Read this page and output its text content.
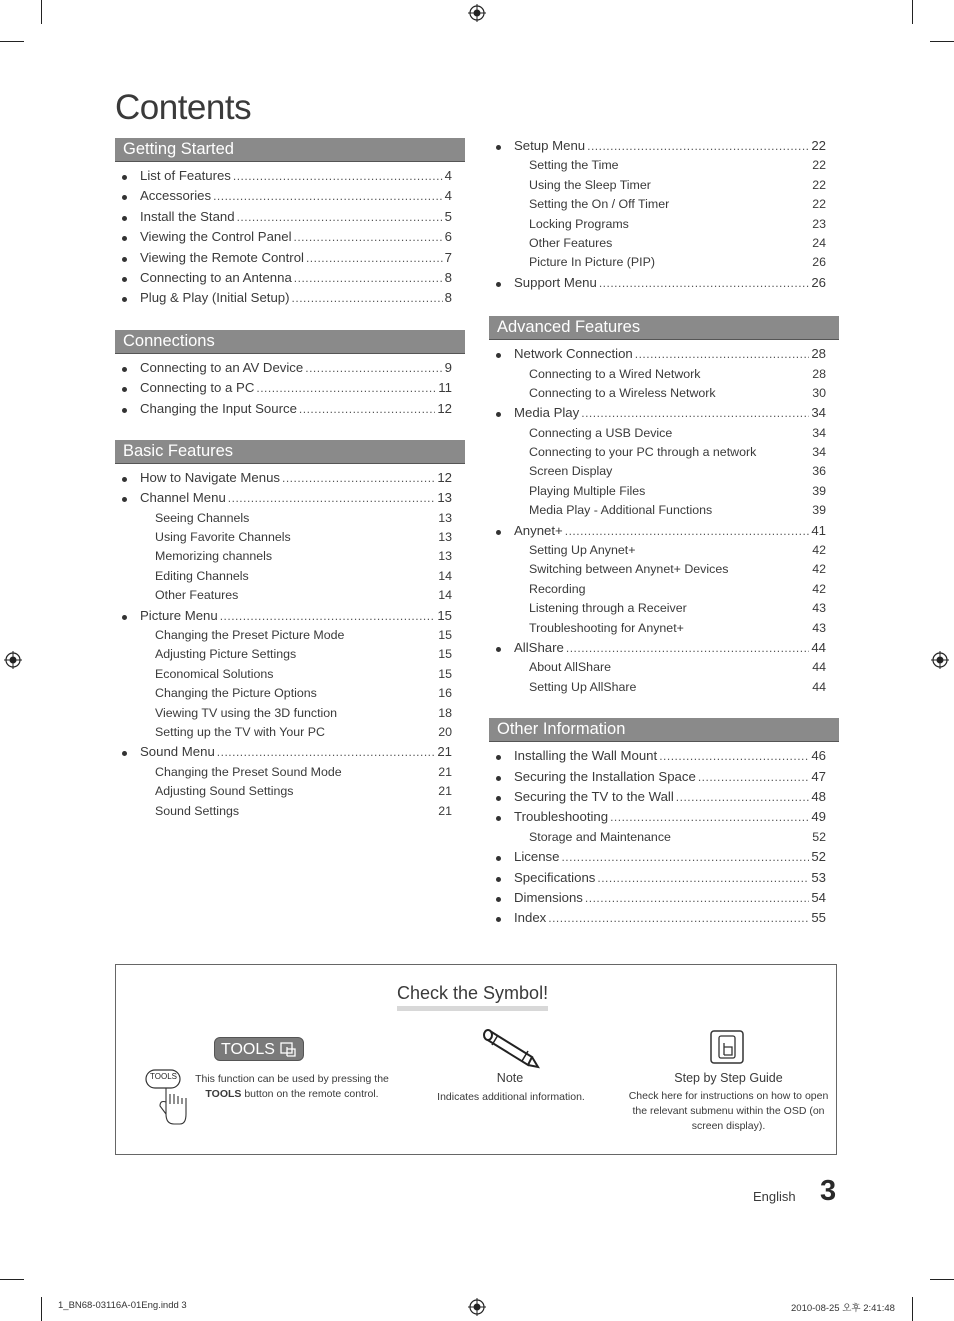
Contents
Getting Started
List of Features .....	4
Accessories .....	4
Install the Stand .....	5
Viewing the Control Panel .....	6
Viewing the Remote Control .....	7
Connecting to an Antenna .....	8
Plug & Play (Initial Setup) .....	8
Connections
Connecting to an AV Device .....	9
Connecting to a PC .....	11
Changing the Input Source .....	12
Basic Features
How to Navigate Menus .....	12
Channel Menu .....	13
Seeing Channels	13
Using Favorite Channels	13
Memorizing channels	13
Editing Channels	14
Other Features	14
Picture Menu .....	15
Changing the Preset Picture Mode	15
Adjusting Picture Settings	15
Economical Solutions	15
Changing the Picture Options	16
Viewing TV using the 3D function	18
Setting up the TV with Your PC	20
Sound Menu .....	21
Changing the Preset Sound Mode	21
Adjusting Sound Settings	21
Sound Settings	21
Setup Menu .....	22
Setting the Time	22
Using the Sleep Timer	22
Setting the On / Off Timer	22
Locking Programs	23
Other Features	24
Picture In Picture (PIP)	26
Support Menu .....	26
Advanced Features
Network Connection .....	28
Connecting to a Wired Network	28
Connecting to a Wireless Network	30
Media Play .....	34
Connecting a USB Device	34
Connecting to your PC through a network	34
Screen Display	36
Playing Multiple Files	39
Media Play - Additional Functions	39
Anynet+ .....	41
Setting Up Anynet+	42
Switching between Anynet+ Devices	42
Recording	42
Listening through a Receiver	43
Troubleshooting for Anynet+	43
AllShare .....	44
About AllShare	44
Setting Up AllShare	44
Other Information
Installing the Wall Mount .....	46
Securing the Installation Space .....	47
Securing the TV to the Wall .....	48
Troubleshooting .....	49
Storage and Maintenance	52
License .....	52
Specifications .....	53
Dimensions .....	54
Index .....	55
Check the Symbol!
TOOLS
TOOLS This function can be used by pressing the
TOOLS button on the remote control.
Note
Indicates additional information.
Step by Step Guide
Check here for instructions on how to open the relevant submenu within the OSD (on screen display).
English 3
1_BN68-03116A-01Eng.indd 3	2010-08-25 오후 2:41:48
